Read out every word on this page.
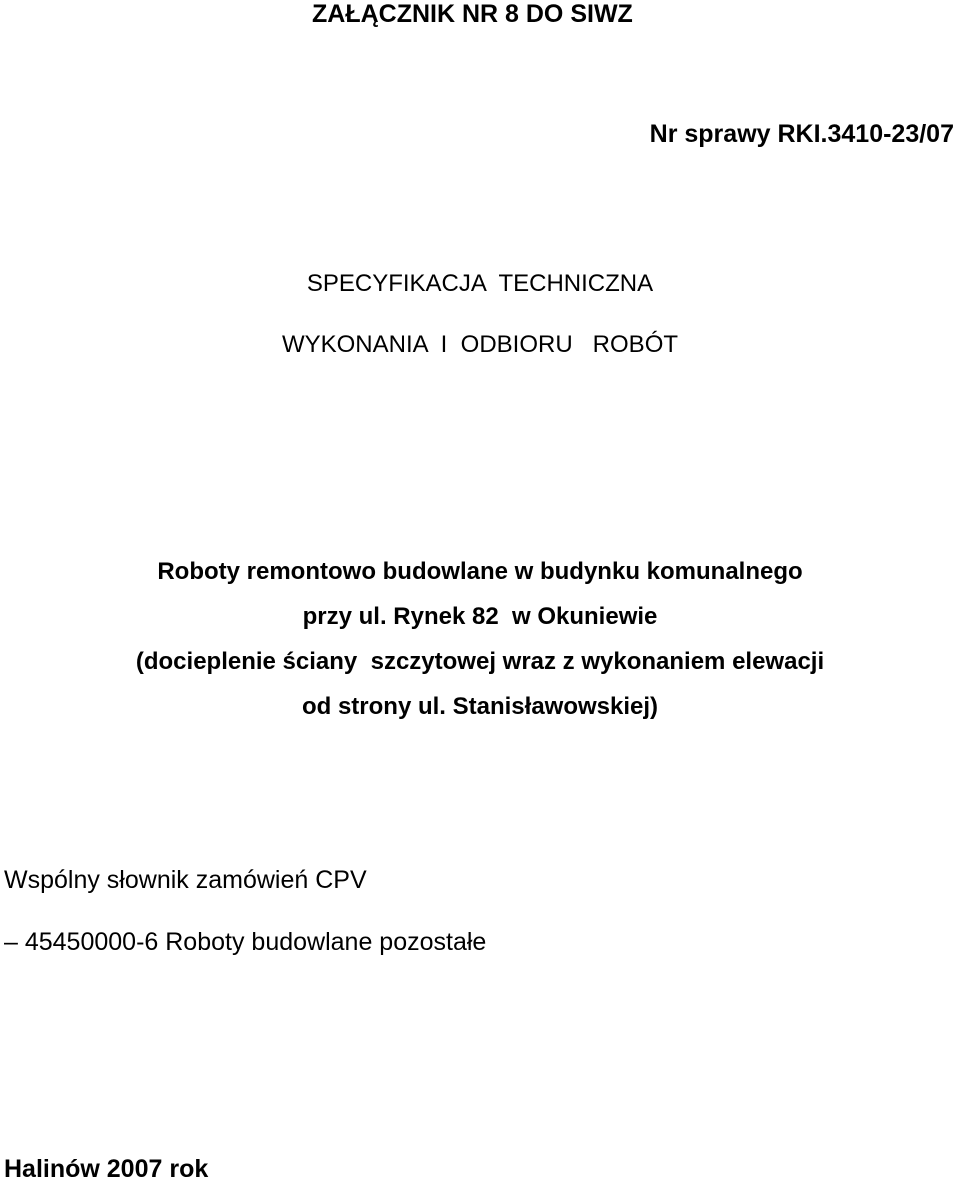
ZAŁĄCZNIK NR 8 DO SIWZ
Nr sprawy RKI.3410-23/07
SPECYFIKACJA  TECHNICZNA
WYKONANIA  I  ODBIORU   ROBÓT
Roboty remontowo budowlane w budynku komunalnego
przy ul. Rynek 82  w Okuniewie
(docieplenie ściany  szczytowej wraz z wykonaniem elewacji
od strony ul. Stanisławowskiej)
Wspólny słownik zamówień CPV
– 45450000-6 Roboty budowlane pozostałe
Halinów 2007 rok
